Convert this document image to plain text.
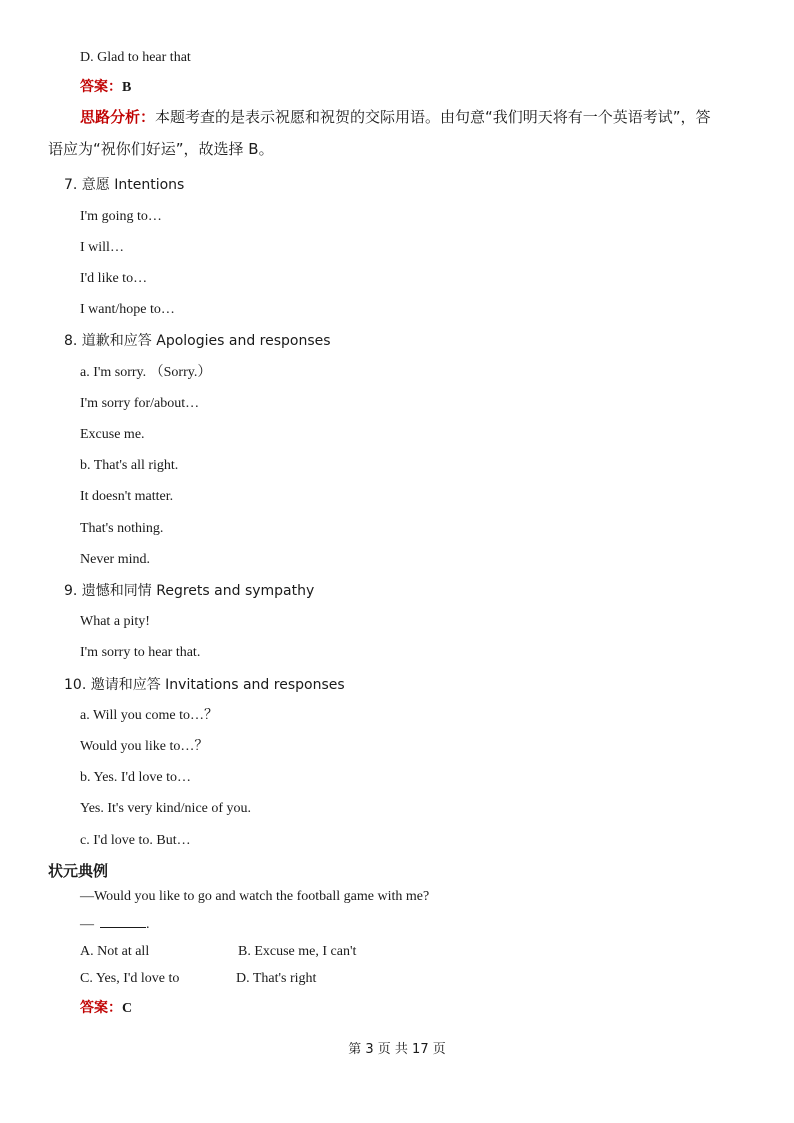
D. Glad to hear that
答案：B
思路分析：本题考查的是表示祝愿和祝贺的交际用语。由句意“我们明天将有一个英语考试”，答
语应为“祝你们好运”，故选择 B。
7. 意愿 Intentions
I'm going to…
I will…
I'd like to…
I want/hope to…
8. 道歉和应答 Apologies and responses
a. I'm sorry. （Sorry.）
I'm sorry for/about…
Excuse me.
b. That's all right.
It doesn't matter.
That's nothing.
Never mind.
9. 遗憾和同情 Regrets and sympathy
What a pity!
I'm sorry to hear that.
10. 邀请和应答 Invitations and responses
a. Will you come to…？
Would you like to…？
b. Yes. I'd love to…
Yes. It's very kind/nice of you.
c. I'd love to. But…
状元典例
—Would you like to go and watch the football game with me?
—	.
A. Not at all	B. Excuse me, I can't
C. Yes, I'd love to	D. That's right
答案：C
第 3 页 共 17 页
